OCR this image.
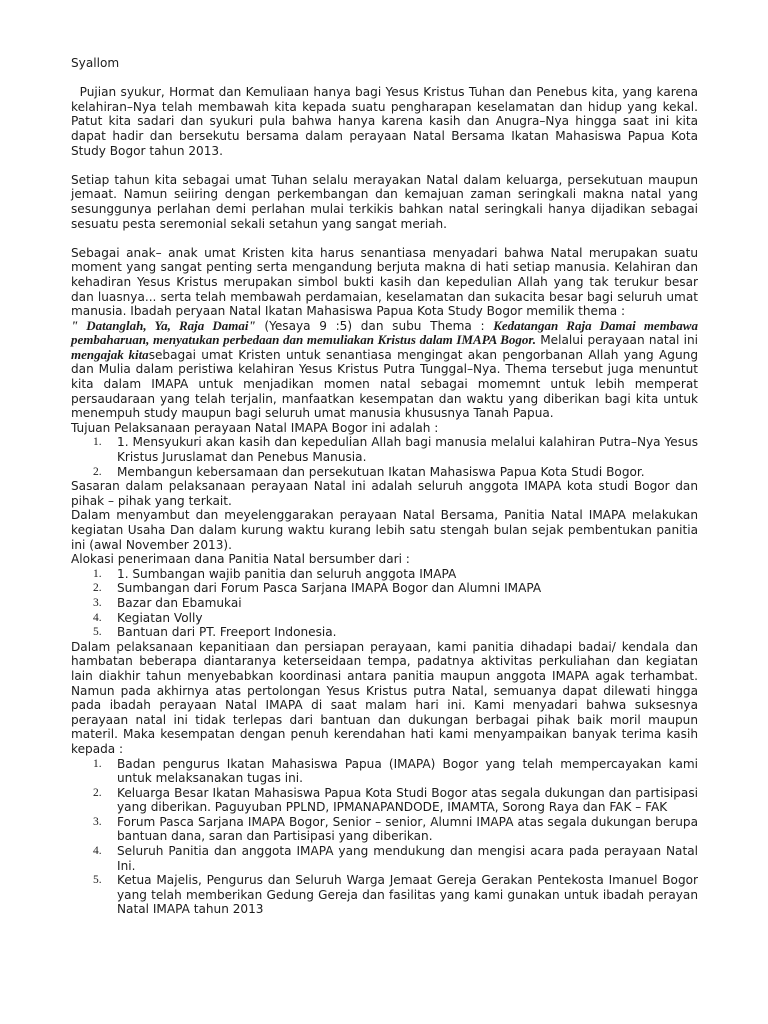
Syallom

Pujian syukur, Hormat dan Kemuliaan hanya bagi Yesus Kristus Tuhan dan Penebus kita, yang karena kelahiran–Nya telah membawah kita kepada suatu pengharapan keselamatan dan hidup yang kekal. Patut kita sadari dan syukuri pula bahwa hanya karena kasih dan Anugra–Nya hingga saat ini kita dapat hadir dan bersekutu bersama dalam perayaan Natal Bersama Ikatan Mahasiswa Papua Kota Study Bogor tahun 2013.

Setiap tahun kita sebagai umat Tuhan selalu merayakan Natal dalam keluarga, persekutuan maupun jemaat. Namun seiiring dengan perkembangan dan kemajuan zaman seringkali makna natal yang sesunggunya perlahan demi perlahan mulai terkikis bahkan natal seringkali hanya dijadikan sebagai sesuatu pesta seremonial sekali setahun yang sangat meriah.

Sebagai anak– anak umat Kristen kita harus senantiasa menyadari bahwa Natal merupakan suatu moment yang sangat penting serta mengandung berjuta makna di hati setiap manusia. Kelahiran dan kehadiran Yesus Kristus merupakan simbol bukti kasih dan kepedulian Allah yang tak terukur besar dan luasnya... serta telah membawah perdamaian, keselamatan dan sukacita besar bagi seluruh umat manusia. Ibadah peryaan Natal Ikatan Mahasiswa Papua Kota Study Bogor memilik thema :

" Datanglah, Ya, Raja Damai" (Yesaya 9 :5) dan subu Thema : Kedatangan Raja Damai membawa pembaharuan, menyatukan perbedaan dan memuliakan Kristus dalam IMAPA Bogor. Melalui perayaan natal ini mengajak kitasebagai umat Kristen untuk senantiasa mengingat akan pengorbanan Allah yang Agung dan Mulia dalam peristiwa kelahiran Yesus Kristus Putra Tunggal–Nya. Thema tersebut juga menuntut kita dalam IMAPA untuk menjadikan momen natal sebagai momemnt untuk lebih memperat persaudaraan yang telah terjalin, manfaatkan kesempatan dan waktu yang diberikan bagi kita untuk menempuh study maupun bagi seluruh umat manusia khususnya Tanah Papua.

Tujuan Pelaksanaan perayaan Natal IMAPA Bogor ini adalah :

1. 1. Mensyukuri akan kasih dan kepedulian Allah bagi manusia melalui kalahiran Putra–Nya Yesus Kristus Juruslamat dan Penebus Manusia.
2. Membangun kebersamaan dan persekutuan Ikatan Mahasiswa Papua Kota Studi Bogor.

Sasaran dalam pelaksanaan perayaan Natal ini adalah seluruh anggota IMAPA kota studi Bogor dan pihak – pihak yang terkait.

Dalam menyambut dan meyelenggarakan perayaan Natal Bersama, Panitia Natal IMAPA melakukan kegiatan Usaha Dan dalam kurung waktu kurang lebih satu stengah bulan sejak pembentukan panitia ini (awal November 2013).

Alokasi penerimaan dana Panitia Natal bersumber dari :

1. 1. Sumbangan wajib panitia dan seluruh anggota IMAPA
2. Sumbangan dari Forum Pasca Sarjana IMAPA Bogor dan Alumni IMAPA
3. Bazar dan Ebamukai
4. Kegiatan Volly
5. Bantuan dari PT. Freeport Indonesia.

Dalam pelaksanaan kepanitiaan dan persiapan perayaan, kami panitia dihadapi badai/ kendala dan hambatan beberapa diantaranya keterseidaan tempa, padatnya aktivitas perkuliahan dan kegiatan lain diakhir tahun menyebabkan koordinasi antara panitia maupun anggota IMAPA agak terhambat. Namun pada akhirnya atas pertolongan Yesus Kristus putra Natal, semuanya dapat dilewati hingga pada ibadah perayaan Natal IMAPA di saat malam hari ini. Kami menyadari bahwa suksesnya perayaan natal ini tidak terlepas dari bantuan dan dukungan berbagai pihak baik moril maupun materil. Maka kesempatan dengan penuh kerendahan hati kami menyampaikan banyak terima kasih kepada :

1. Badan pengurus Ikatan Mahasiswa Papua (IMAPA) Bogor yang telah mempercayakan kami untuk melaksanakan tugas ini.
2. Keluarga Besar Ikatan Mahasiswa Papua Kota Studi Bogor atas segala dukungan dan partisipasi yang diberikan. Paguyuban PPLND, IPMANAPANDODE, IMAMTA, Sorong Raya dan FAK – FAK
3. Forum Pasca Sarjana IMAPA Bogor, Senior – senior, Alumni IMAPA atas segala dukungan berupa bantuan dana, saran dan Partisipasi yang diberikan.
4. Seluruh Panitia dan anggota IMAPA yang mendukung dan mengisi acara pada perayaan Natal Ini.
5. Ketua Majelis, Pengurus dan Seluruh Warga Jemaat Gereja Gerakan Pentekosta Imanuel Bogor yang telah memberikan Gedung Gereja dan fasilitas yang kami gunakan untuk ibadah perayan Natal IMAPA tahun 2013
